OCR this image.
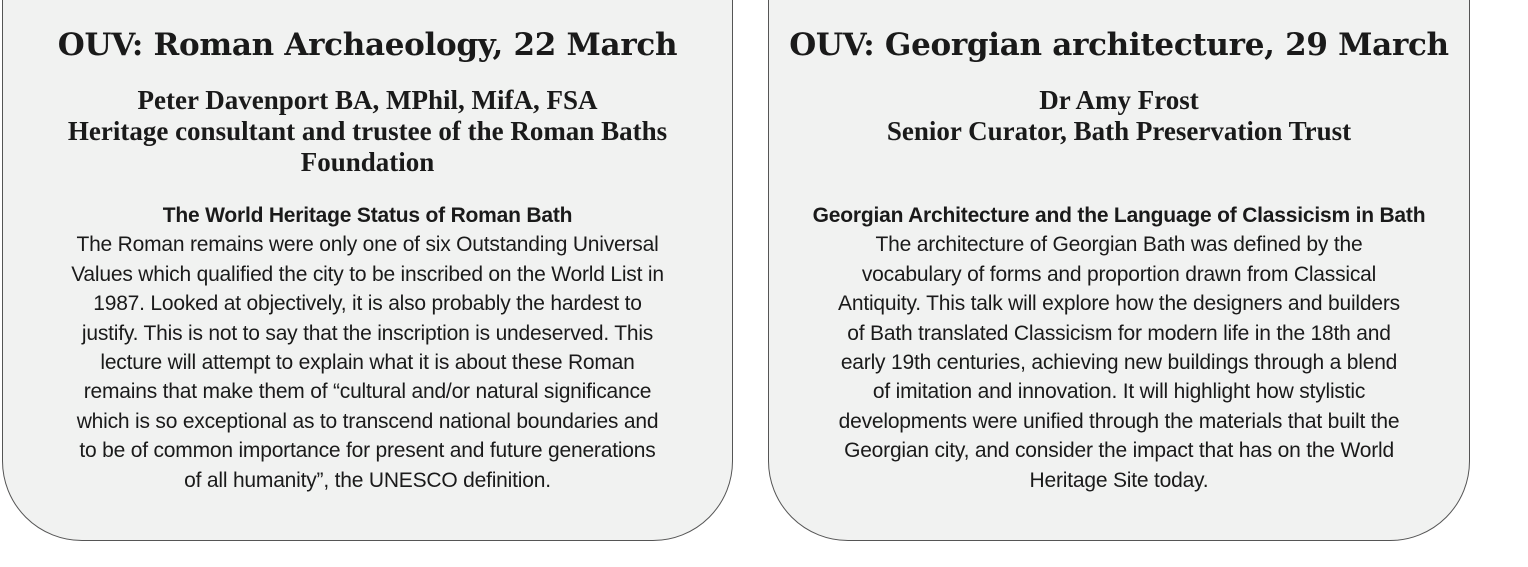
OUV: Roman Archaeology, 22 March
Peter Davenport BA, MPhil, MifA, FSA
Heritage consultant and trustee of the Roman Baths
Foundation
The World Heritage Status of Roman Bath
The Roman remains were only one of six Outstanding Universal
Values which qualified the city to be inscribed on the World List in
1987. Looked at objectively, it is also probably the hardest to
justify. This is not to say that the inscription is undeserved. This
lecture will attempt to explain what it is about these Roman
remains that make them of “cultural and/or natural significance
which is so exceptional as to transcend national boundaries and
to be of common importance for present and future generations
of all humanity”, the UNESCO definition.
OUV: Georgian architecture, 29 March
Dr Amy Frost
Senior Curator, Bath Preservation Trust
Georgian Architecture and the Language of Classicism in Bath
The architecture of Georgian Bath was defined by the
vocabulary of forms and proportion drawn from Classical
Antiquity. This talk will explore how the designers and builders
of Bath translated Classicism for modern life in the 18th and
early 19th centuries, achieving new buildings through a blend
of imitation and innovation. It will highlight how stylistic
developments were unified through the materials that built the
Georgian city, and consider the impact that has on the World
Heritage Site today.
